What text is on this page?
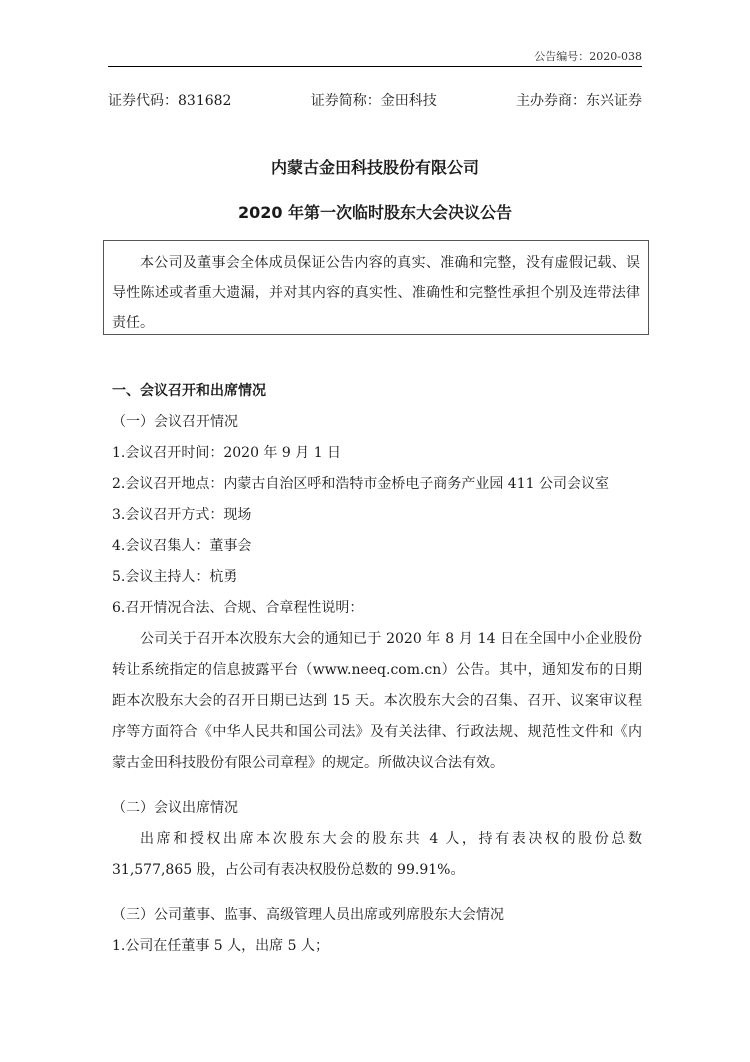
公告编号：2020-038
证券代码：831682	证券简称：金田科技	主办券商：东兴证券
内蒙古金田科技股份有限公司
2020 年第一次临时股东大会决议公告
本公司及董事会全体成员保证公告内容的真实、准确和完整，没有虚假记载、误导性陈述或者重大遗漏，并对其内容的真实性、准确性和完整性承担个别及连带法律责任。
一、会议召开和出席情况
（一）会议召开情况
1.会议召开时间：2020 年 9 月 1 日
2.会议召开地点：内蒙古自治区呼和浩特市金桥电子商务产业园 411 公司会议室
3.会议召开方式：现场
4.会议召集人：董事会
5.会议主持人：杭勇
6.召开情况合法、合规、合章程性说明：
公司关于召开本次股东大会的通知已于 2020 年 8 月 14 日在全国中小企业股份转让系统指定的信息披露平台（www.neeq.com.cn）公告。其中，通知发布的日期距本次股东大会的召开日期已达到 15 天。本次股东大会的召集、召开、议案审议程序等方面符合《中华人民共和国公司法》及有关法律、行政法规、规范性文件和《内蒙古金田科技股份有限公司章程》的规定。所做决议合法有效。
（二）会议出席情况
出席和授权出席本次股东大会的股东共 4 人，持有表决权的股份总数 31,577,865 股，占公司有表决权股份总数的 99.91%。
（三）公司董事、监事、高级管理人员出席或列席股东大会情况
1.公司在任董事 5 人，出席 5 人；
